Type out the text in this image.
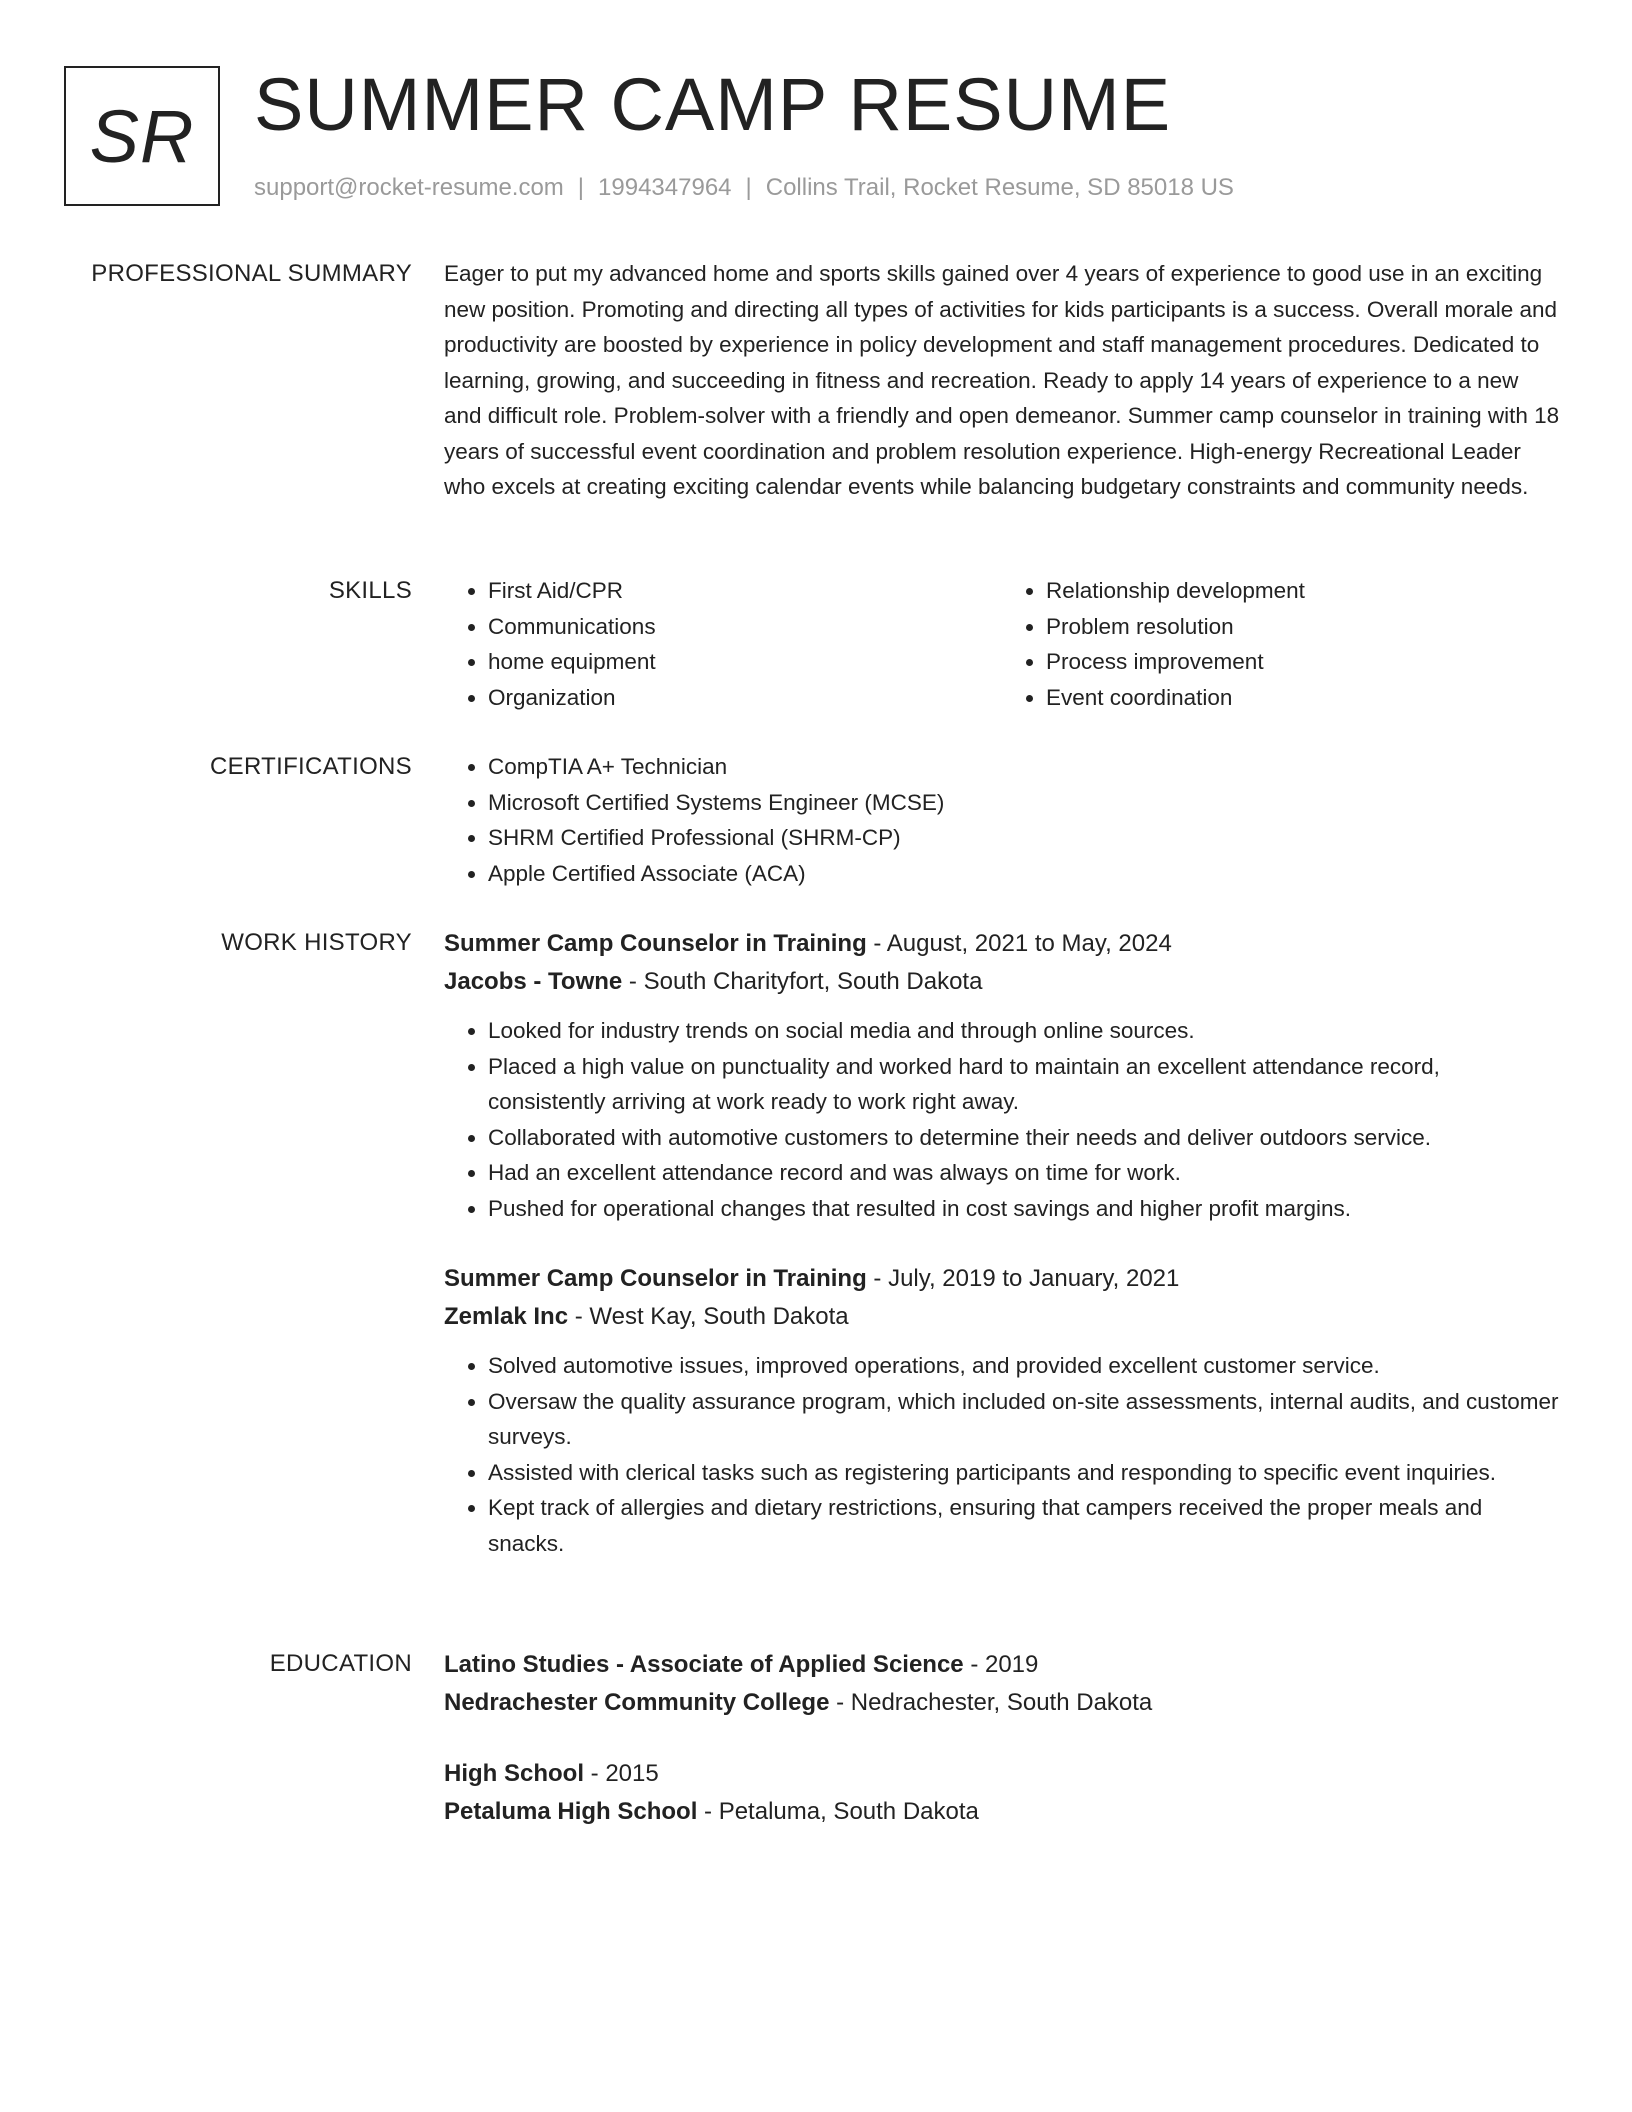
SR SUMMER CAMP RESUME
support@rocket-resume.com | 1994347964 | Collins Trail, Rocket Resume, SD 85018 US
PROFESSIONAL SUMMARY Eager to put my advanced home and sports skills gained over 4 years of experience to good use in an exciting new position. Promoting and directing all types of activities for kids participants is a success. Overall morale and productivity are boosted by experience in policy development and staff management procedures. Dedicated to learning, growing, and succeeding in fitness and recreation. Ready to apply 14 years of experience to a new and difficult role. Problem-solver with a friendly and open demeanor. Summer camp counselor in training with 18 years of successful event coordination and problem resolution experience. High-energy Recreational Leader who excels at creating exciting calendar events while balancing budgetary constraints and community needs.

SKILLS	• First Aid/CPR
• Communications
• home equipment
• Organization
• Relationship development
• Problem resolution
• Process improvement
• Event coordination
CERTIFICATIONS	• CompTIA A+ Technician
• Microsoft Certified Systems Engineer (MCSE)
• SHRM Certified Professional (SHRM-CP)
• Apple Certified Associate (ACA)
WORK HISTORY Summer Camp Counselor in Training - August, 2021 to May, 2024
Jacobs - Towne - South Charityfort, South Dakota
• Looked for industry trends on social media and through online sources.
• Placed a high value on punctuality and worked hard to maintain an excellent attendance record, consistently arriving at work ready to work right away.
• Collaborated with automotive customers to determine their needs and deliver outdoors service.
• Had an excellent attendance record and was always on time for work.
• Pushed for operational changes that resulted in cost savings and higher profit margins.
Summer Camp Counselor in Training - July, 2019 to January, 2021
Zemlak Inc - West Kay, South Dakota
• Solved automotive issues, improved operations, and provided excellent customer service.
• Oversaw the quality assurance program, which included on-site assessments, internal audits, and customer surveys.
• Assisted with clerical tasks such as registering participants and responding to specific event inquiries.
• Kept track of allergies and dietary restrictions, ensuring that campers received the proper meals and snacks.
EDUCATION Latino Studies - Associate of Applied Science - 2019
Nedrachester Community College - Nedrachester, South Dakota
High School - 2015
Petaluma High School - Petaluma, South Dakota
